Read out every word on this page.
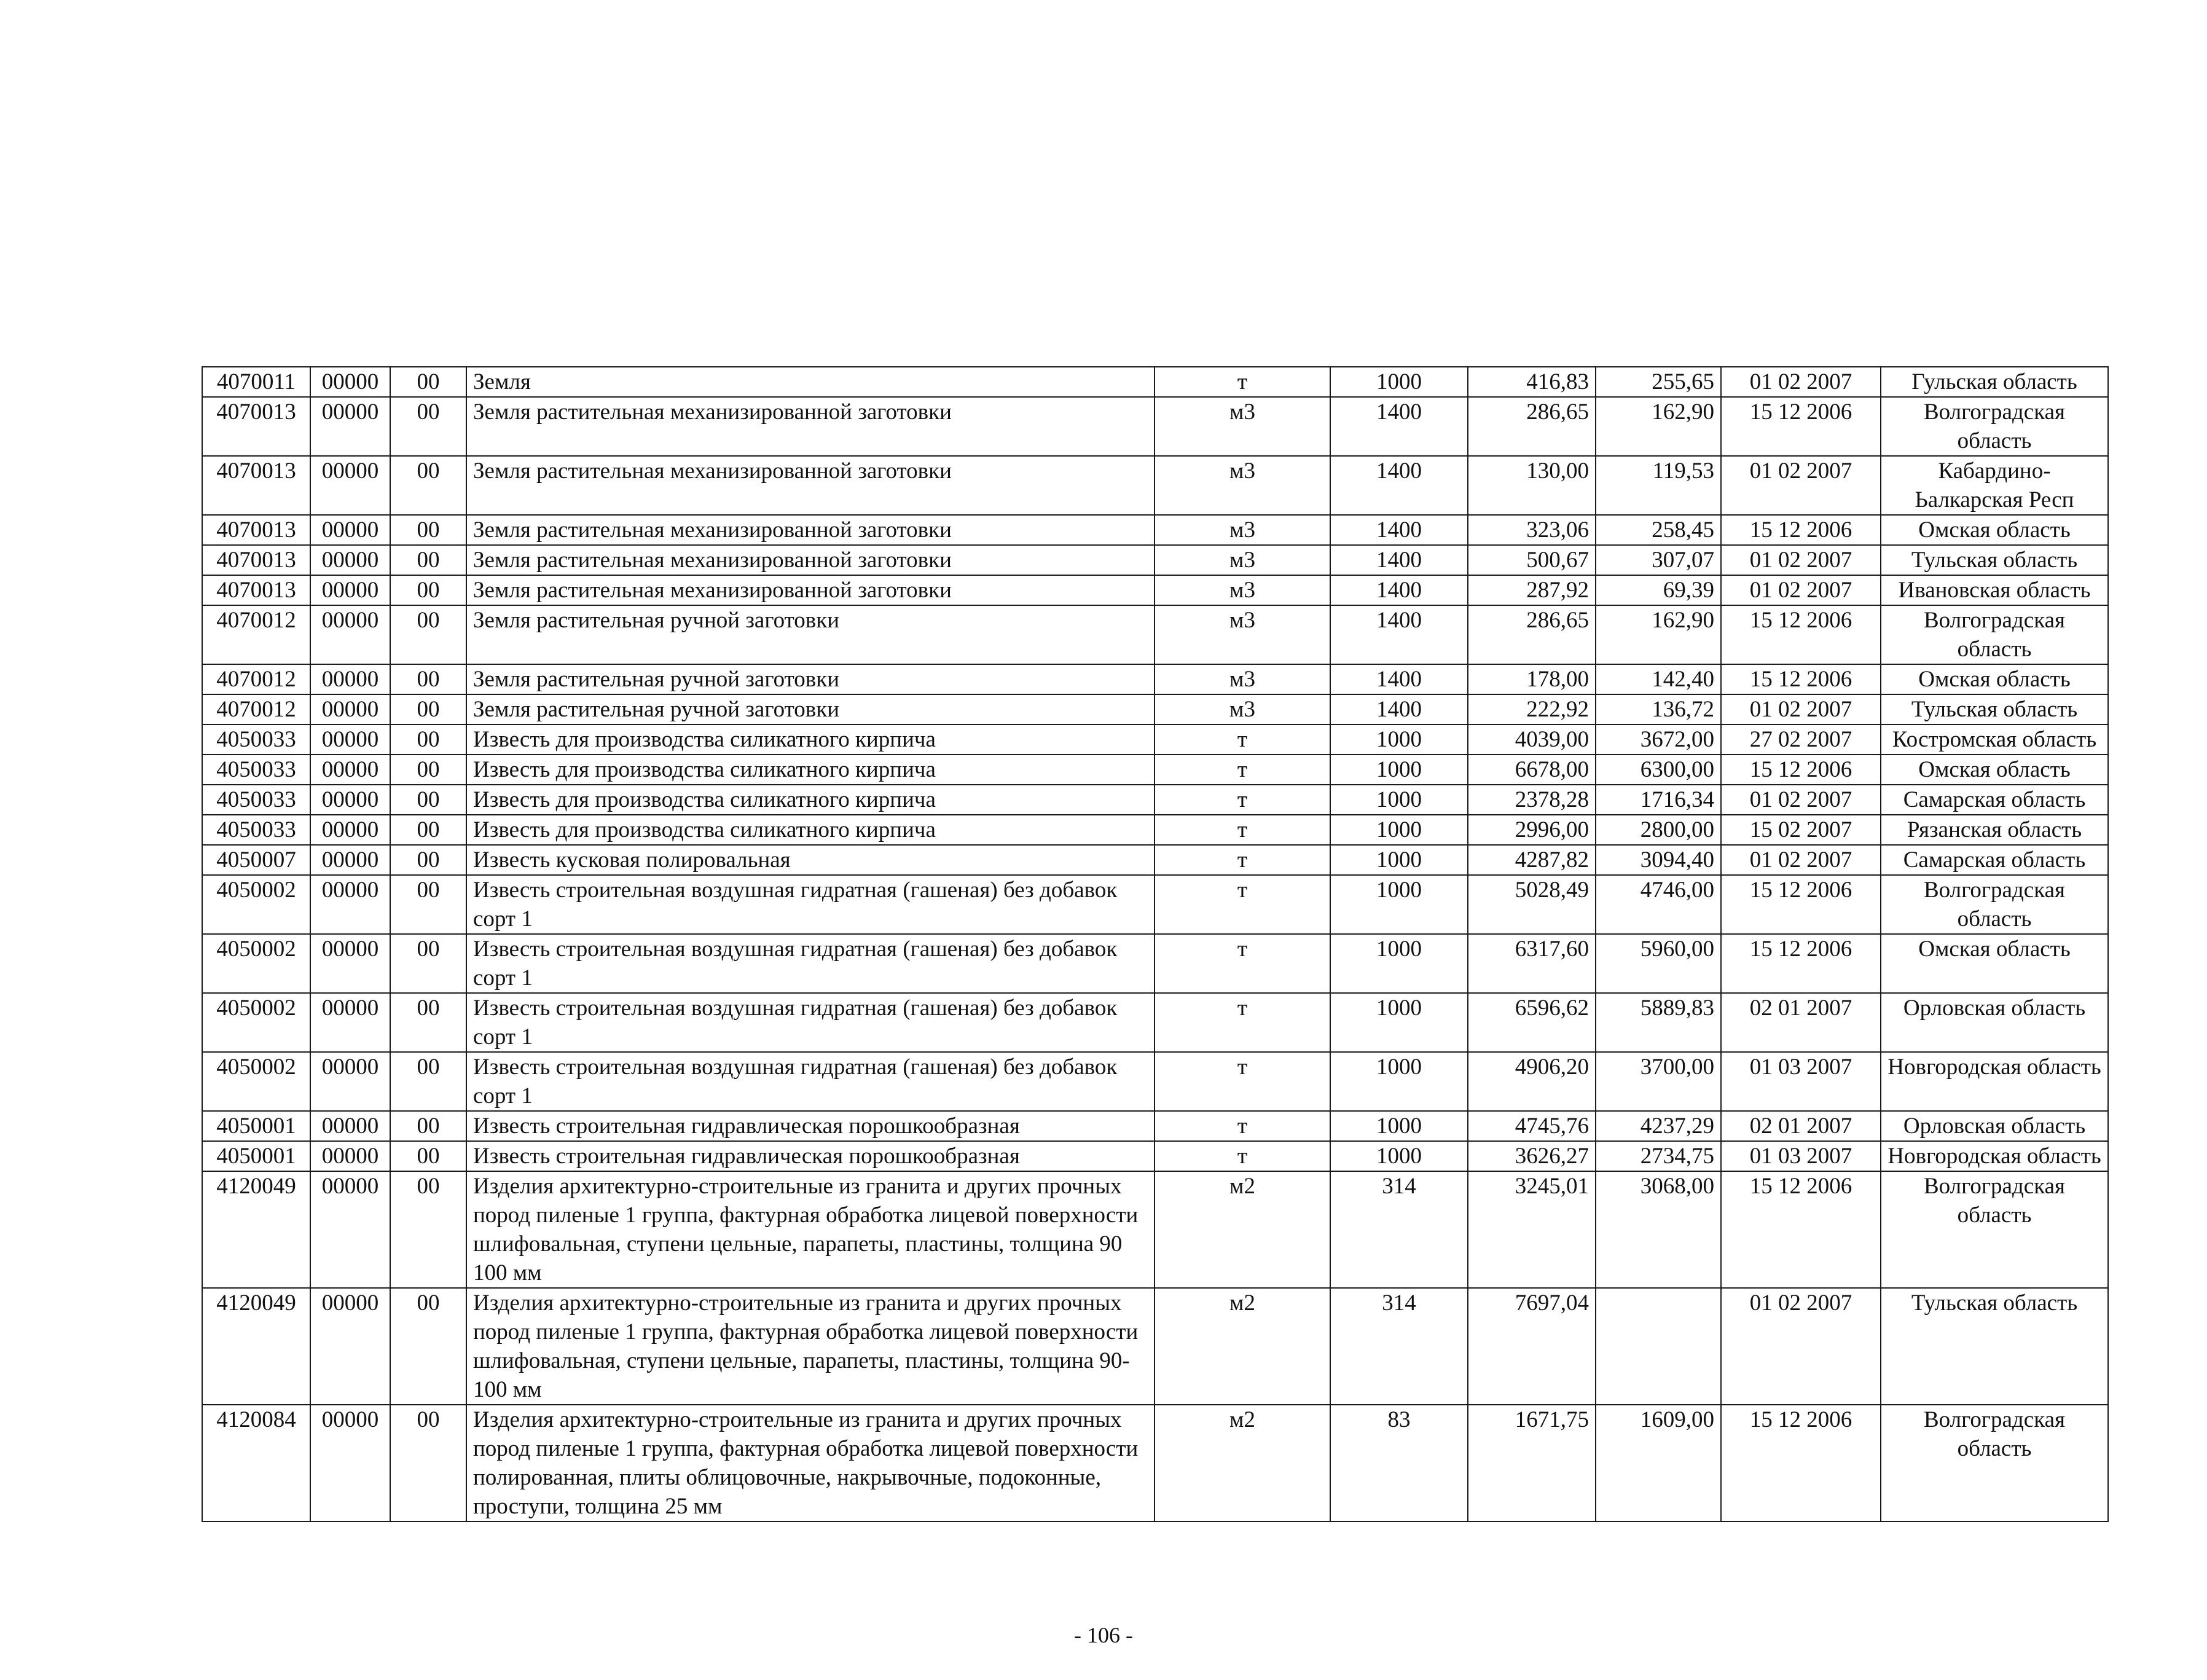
4070011	00000	00	Земля	т	1000	416,83	255,65	01 02 2007	Гульская область
4070013	00000	00	Земля растительная механизированной заготовки	м3	1400	286,65	162,90	15 12 2006	Волгоградская область
4070013	00000	00	Земля растительная механизированной заготовки	м3	1400	130,00	119,53	01 02 2007	Кабардино-Ьалкарская Респ
4070013	00000	00	Земля растительная механизированной заготовки	м3	1400	323,06	258,45	15 12 2006	Омская область
4070013	00000	00	Земля растительная механизированной заготовки	м3	1400	500,67	307,07	01 02 2007	Тульская область
4070013	00000	00	Земля растительная механизированной заготовки	м3	1400	287,92	69,39	01 02 2007	Ивановская область
4070012	00000	00	Земля растительная ручной заготовки	м3	1400	286,65	162,90	15 12 2006	Волгоградская область
4070012	00000	00	Земля растительная ручной заготовки	м3	1400	178,00	142,40	15 12 2006	Омская область
4070012	00000	00	Земля растительная ручной заготовки	м3	1400	222,92	136,72	01 02 2007	Тульская область
4050033	00000	00	Известь для производства силикатного кирпича	т	1000	4039,00	3672,00	27 02 2007	Костромская область
4050033	00000	00	Известь для производства силикатного кирпича	т	1000	6678,00	6300,00	15 12 2006	Омская область
4050033	00000	00	Известь для производства силикатного кирпича	т	1000	2378,28	1716,34	01 02 2007	Самарская область
4050033	00000	00	Известь для производства силикатного кирпича	т	1000	2996,00	2800,00	15 02 2007	Рязанская область
4050007	00000	00	Известь кусковая полировальная	т	1000	4287,82	3094,40	01 02 2007	Самарская область
4050002	00000	00	Известь строительная воздушная гидратная (гашеная) без добавок сорт 1	т	1000	5028,49	4746,00	15 12 2006	Волгоградская область
4050002	00000	00	Известь строительная воздушная гидратная (гашеная) без добавок сорт 1	т	1000	6317,60	5960,00	15 12 2006	Омская область
4050002	00000	00	Известь строительная воздушная гидратная (гашеная) без добавок сорт 1	т	1000	6596,62	5889,83	02 01 2007	Орловская область
4050002	00000	00	Известь строительная воздушная гидратная (гашеная) без добавок сорт 1	т	1000	4906,20	3700,00	01 03 2007	Новгородская область
4050001	00000	00	Известь строительная гидравлическая порошкообразная	т	1000	4745,76	4237,29	02 01 2007	Орловская область
4050001	00000	00	Известь строительная гидравлическая порошкообразная	т	1000	3626,27	2734,75	01 03 2007	Новгородская область
4120049	00000	00	Изделия архитектурно-строительные из гранита и других прочных пород пиленые 1 группа, фактурная обработка лицевой поверхности шлифовальная, ступени цельные, парапеты, пластины, толщина 90 100 мм	м2	314	3245,01	3068,00	15 12 2006	Волгоградская область
4120049	00000	00	Изделия архитектурно-строительные из гранита и других прочных пород пиленые 1 группа, фактурная обработка лицевой поверхности шлифовальная, ступени цельные, парапеты, пластины, толщина 90-100 мм	м2	314	7697,04		01 02 2007	Тульская область
4120084	00000	00	Изделия архитектурно-строительные из гранита и других прочных пород пиленые 1 группа, фактурная обработка лицевой поверхности полированная, плиты облицовочные, накрывочные, подоконные, проступи, толщина 25 мм	м2	83	1671,75	1609,00	15 12 2006	Волгоградская область
- 106 -
